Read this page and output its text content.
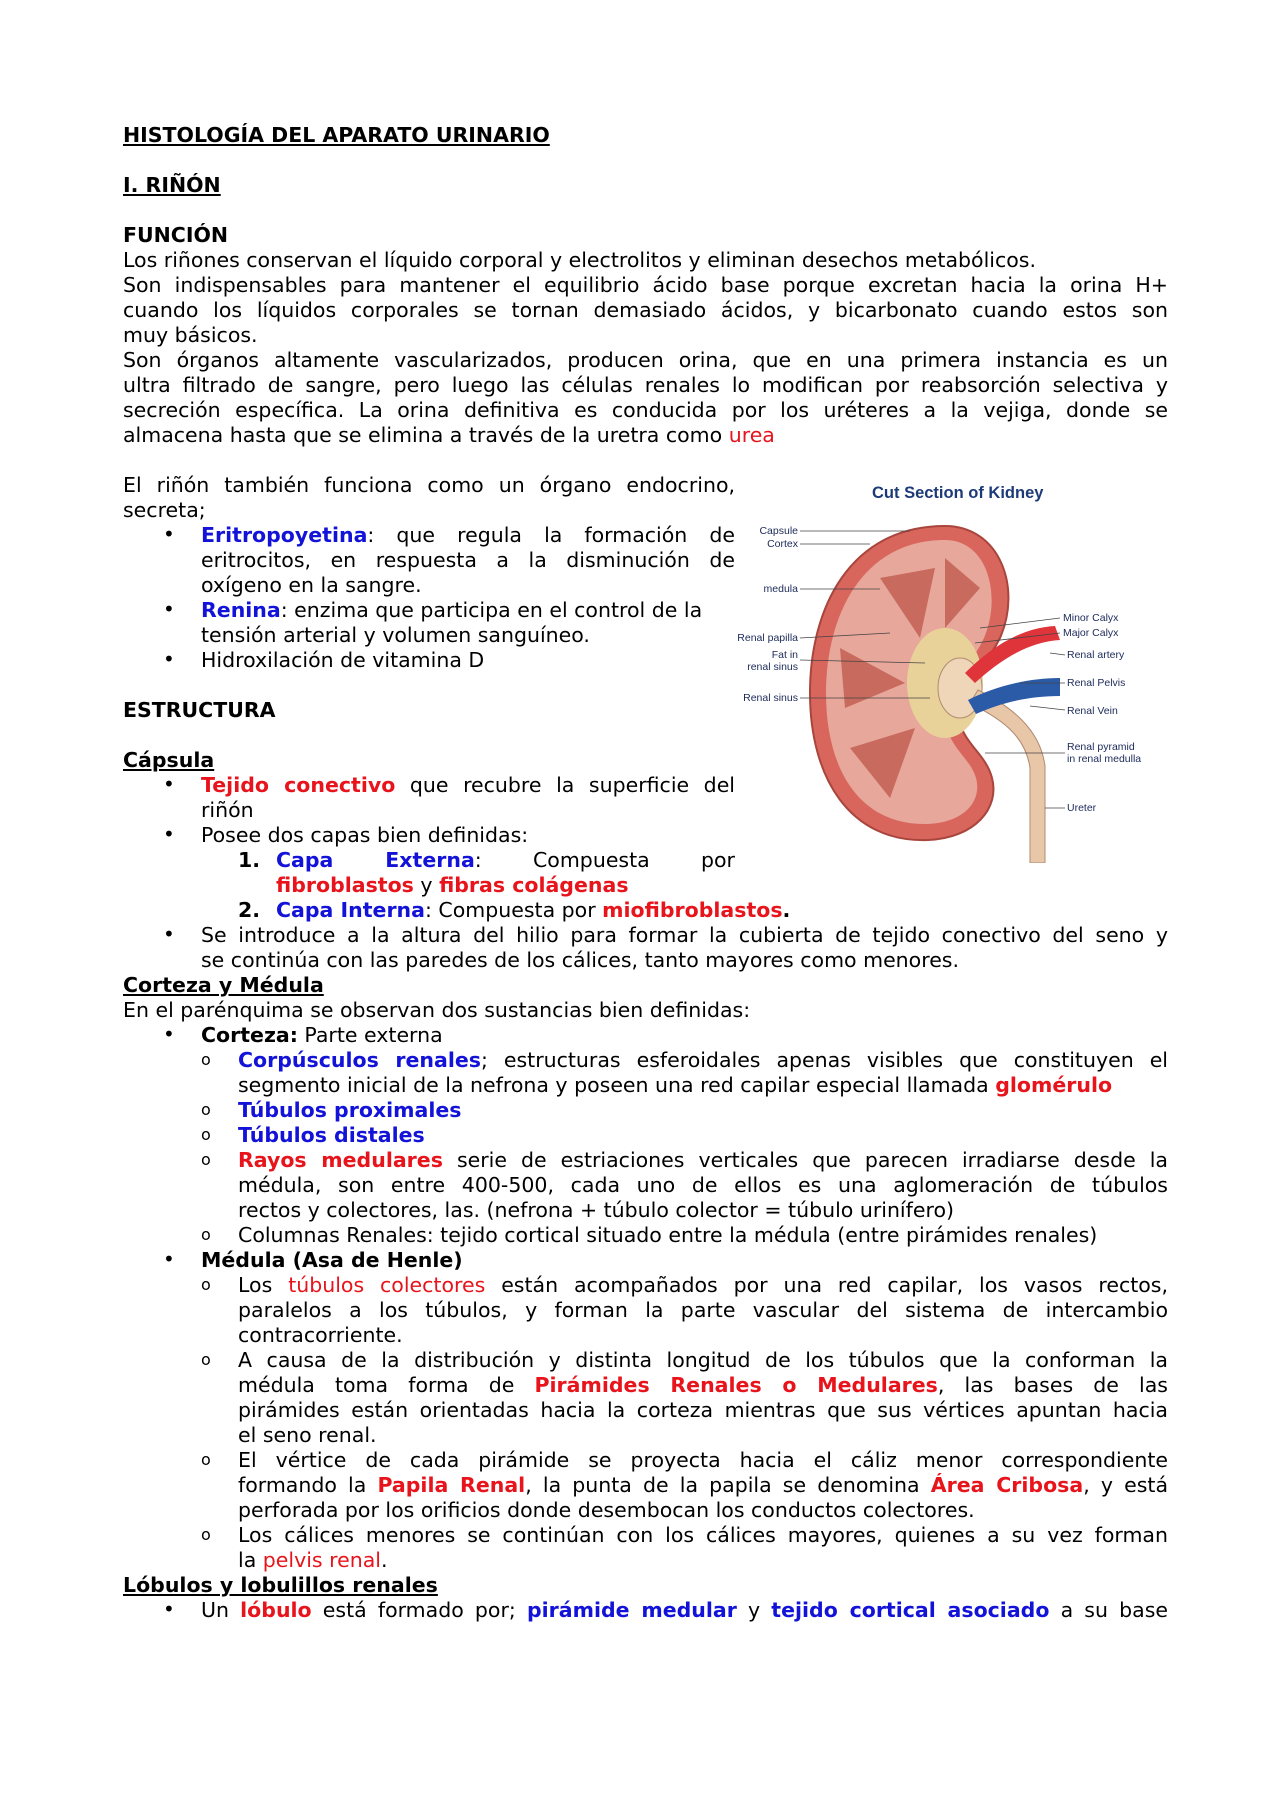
HISTOLOGÍA DEL APARATO URINARIO
I. RIÑÓN
FUNCIÓN
Los riñones conservan el líquido corporal y electrolitos y eliminan desechos metabólicos.
Son indispensables para mantener el equilibrio ácido base porque excretan hacia la orina H+
cuando los líquidos corporales se tornan demasiado ácidos, y bicarbonato cuando estos son
muy básicos.
Son órganos altamente vascularizados, producen orina, que en una primera instancia es un
ultra filtrado de sangre, pero luego las células renales lo modifican por reabsorción selectiva y
secreción específica. La orina definitiva es conducida por los uréteres a la vejiga, donde se
almacena hasta que se elimina a través de la uretra como urea
El riñón también funciona como un órgano endocrino,
secreta;
• Eritropoyetina: que regula la formación de
eritrocitos, en respuesta a la disminución de
oxígeno en la sangre.
• Renina: enzima que participa en el control de la
tensión arterial y volumen sanguíneo.
• Hidroxilación de vitamina D
ESTRUCTURA
Cápsula
• Tejido conectivo que recubre la superficie del
riñón
• Posee dos capas bien definidas:
1. Capa Externa: Compuesta por
fibroblastos y fibras colágenas
2. Capa Interna: Compuesta por miofibroblastos.
• Se introduce a la altura del hilio para formar la cubierta de tejido conectivo del seno y
se continúa con las paredes de los cálices, tanto mayores como menores.
Corteza y Médula
En el parénquima se observan dos sustancias bien definidas:
• Corteza: Parte externa
o Corpúsculos renales; estructuras esferoidales apenas visibles que constituyen el
segmento inicial de la nefrona y poseen una red capilar especial llamada glomérulo
o Túbulos proximales
o Túbulos distales
o Rayos medulares serie de estriaciones verticales que parecen irradiarse desde la
médula, son entre 400-500, cada uno de ellos es una aglomeración de túbulos
rectos y colectores, las. (nefrona + túbulo colector = túbulo urinífero)
o Columnas Renales: tejido cortical situado entre la médula (entre pirámides renales)
• Médula (Asa de Henle)
o Los túbulos colectores están acompañados por una red capilar, los vasos rectos,
paralelos a los túbulos, y forman la parte vascular del sistema de intercambio
contracorriente.
o A causa de la distribución y distinta longitud de los túbulos que la conforman la
médula toma forma de Pirámides Renales o Medulares, las bases de las
pirámides están orientadas hacia la corteza mientras que sus vértices apuntan hacia
el seno renal.
o El vértice de cada pirámide se proyecta hacia el cáliz menor correspondiente
formando la Papila Renal, la punta de la papila se denomina Área Cribosa, y está
perforada por los orificios donde desembocan los conductos colectores.
o Los cálices menores se continúan con los cálices mayores, quienes a su vez forman
la pelvis renal.
Lóbulos y lobulillos renales
• Un lóbulo está formado por; pirámide medular y tejido cortical asociado a su base
Cut Section of Kidney
Capsule
Cortex
medula
Renal papilla
Fat in
renal sinus
Renal sinus
Minor Calyx
Major Calyx
Renal artery
Renal Pelvis
Renal Vein
Renal pyramid
in renal medulla
Ureter
